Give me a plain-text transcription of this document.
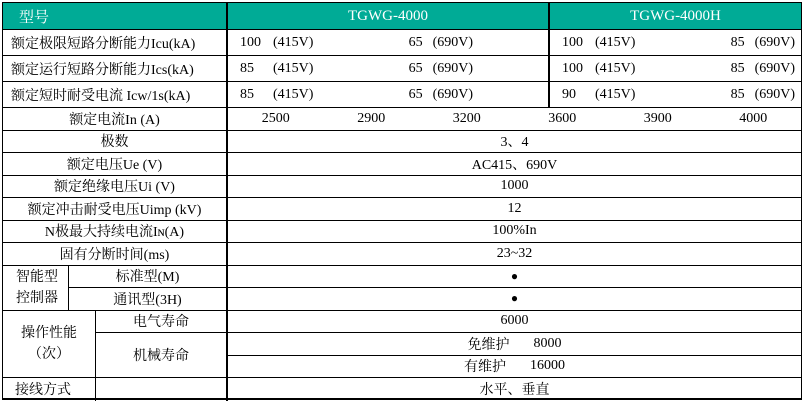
型号	TGWG-4000	TGWG-4000H
额定极限短路分断能力Icu(kA)	100 (415V)	65 (690V)	100 (415V)	85 (690V)
额定运行短路分断能力Ics(kA)	85 (415V)	65 (690V)	100 (415V)	85 (690V)
额定短时耐受电流 Icw/1s(kA)	85 (415V)	65 (690V)	90 (415V)	85 (690V)
额定电流In (A)	2500	2900	3200	3600	3900	4000
极数	3、4
额定电压Ue (V)	AC415、690V
额定绝缘电压Ui (V)	1000
额定冲击耐受电压Uimp (kV)	12
N极最大持续电流Iɴ(A)	100%In
固有分断时间(ms)	23~32
智能型
控制器
标准型(M)	●
通讯型(3H)	●
操作性能
（次）
电气寿命	6000
机械寿命
免维护 8000
有维护 16000
接线方式	水平、垂直
